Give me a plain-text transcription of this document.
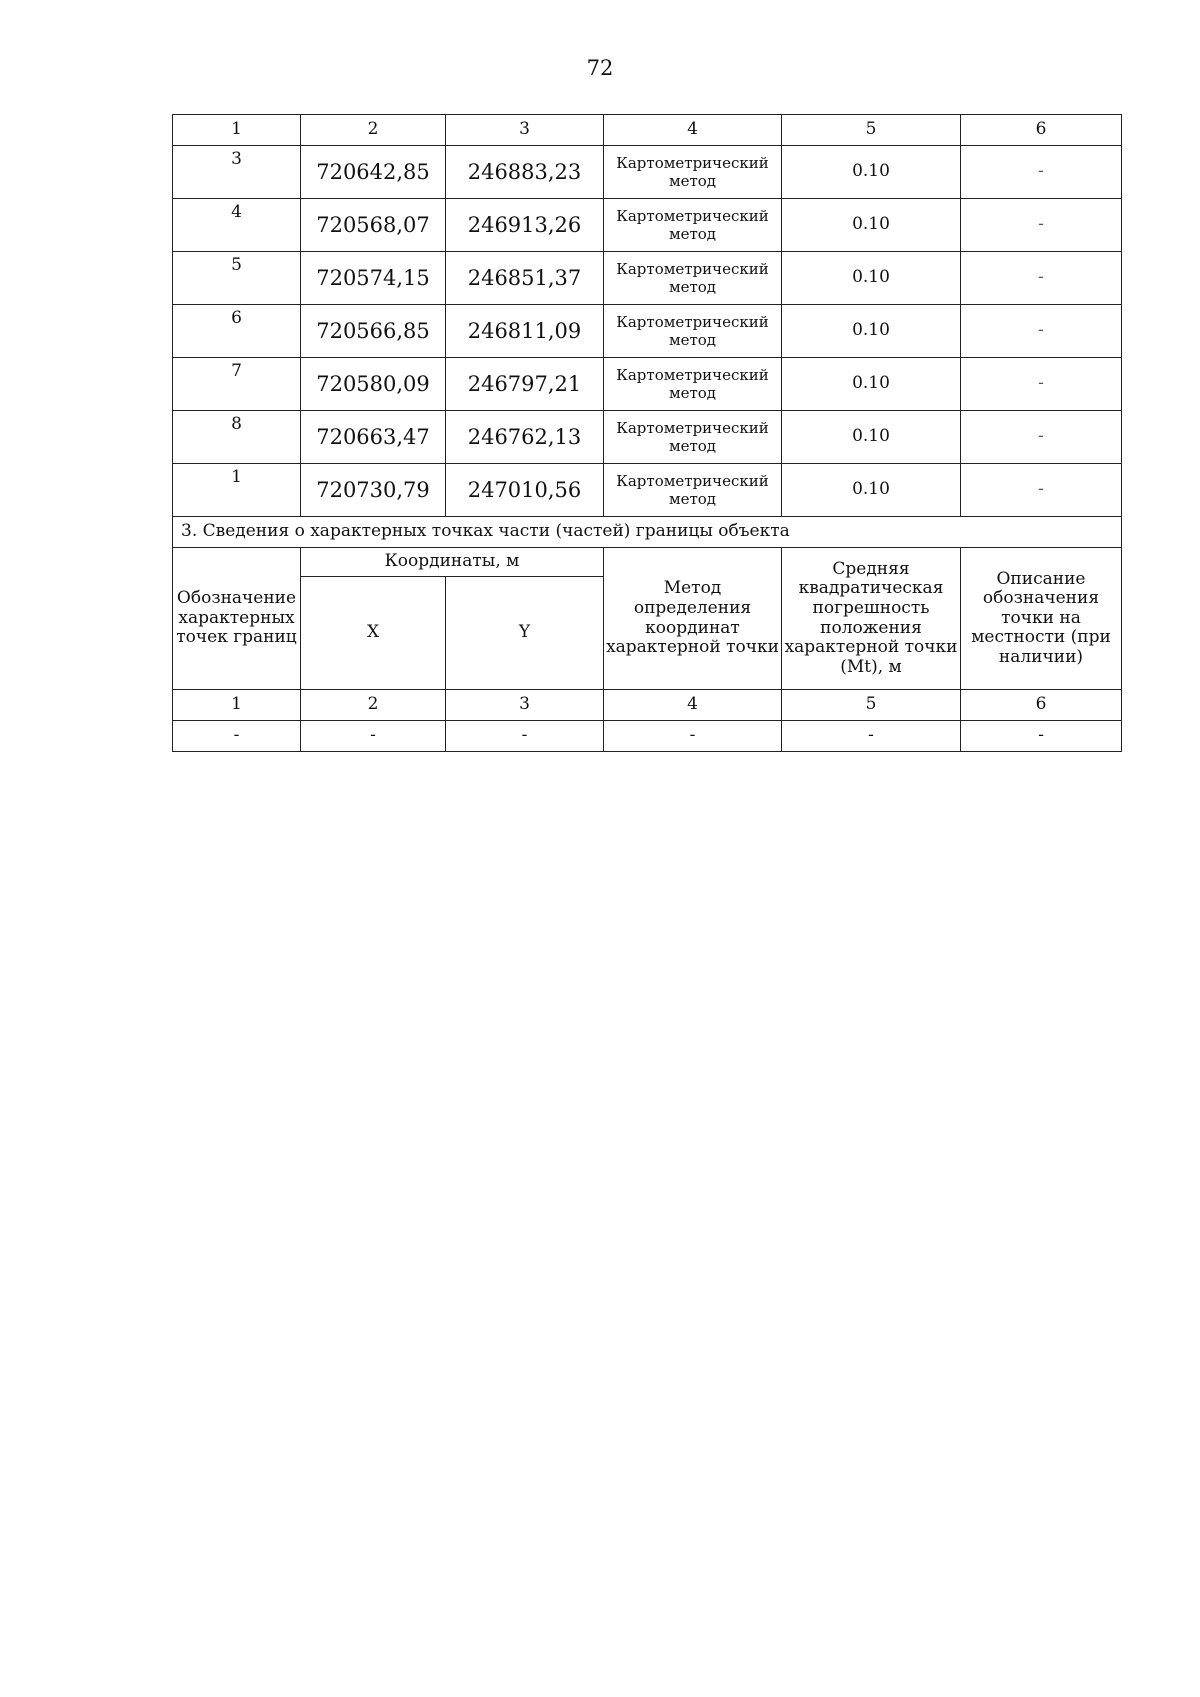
72
1	2	3	4	5	6
3	720642,85	246883,23	Картометрический метод	0.10	-
4	720568,07	246913,26	Картометрический метод	0.10	-
5	720574,15	246851,37	Картометрический метод	0.10	-
6	720566,85	246811,09	Картометрический метод	0.10	-
7	720580,09	246797,21	Картометрический метод	0.10	-
8	720663,47	246762,13	Картометрический метод	0.10	-
1	720730,79	247010,56	Картометрический метод	0.10	-
3. Сведения о характерных точках части (частей) границы объекта					
Обозначение характерных точек границ	Координаты, м		Метод определения координат характерной точки	Средняя квадратическая погрешность положения характерной точки (Mt), м	Описание обозначения точки на местности (при наличии)
	X	Y			
1	2	3	4	5	6
-	-	-	-	-	-
